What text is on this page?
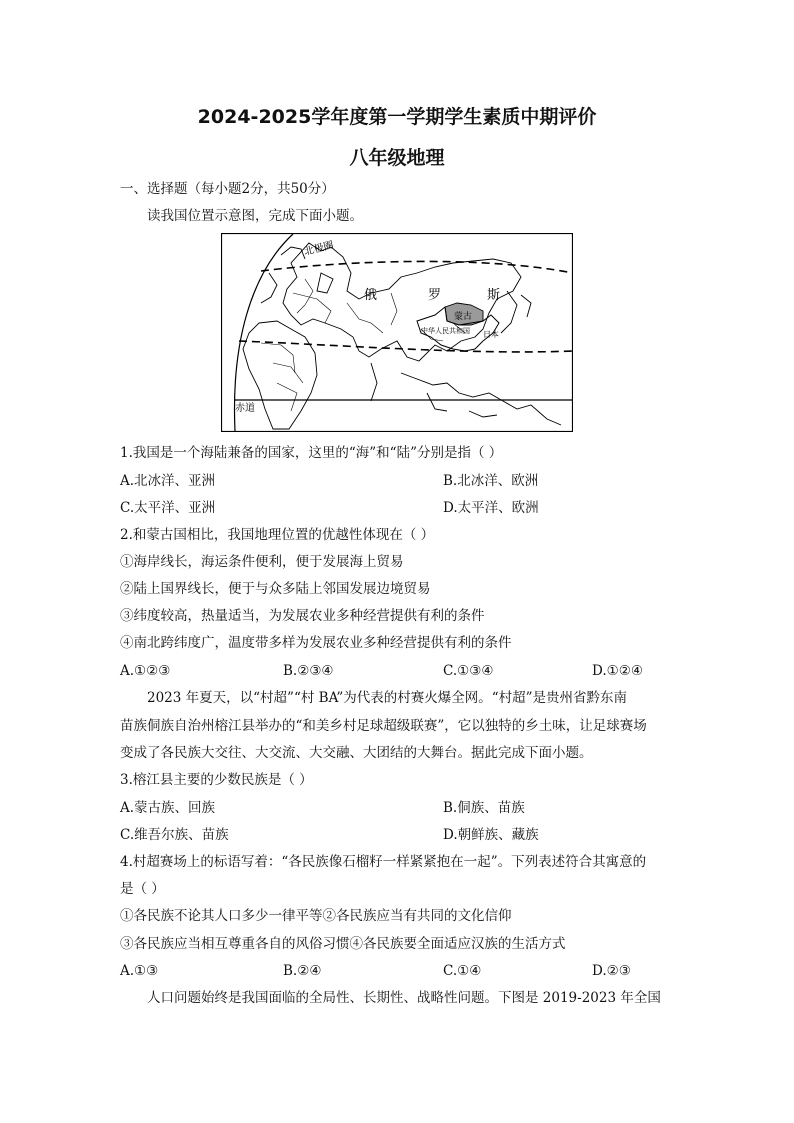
2024-2025学年度第一学期学生素质中期评价
八年级地理
一、选择题（每小题2分，共50分）
读我国位置示意图，完成下面小题。
北极圈
俄	罗	斯
蒙古
中华人民共和国 日本
赤道
1.我国是一个海陆兼备的国家，这里的“海”和“陆”分别是指（ ）
A.北冰洋、亚洲	B.北冰洋、欧洲
C.太平洋、亚洲	D.太平洋、欧洲
2.和蒙古国相比，我国地理位置的优越性体现在（ ）
①海岸线长，海运条件便利，便于发展海上贸易
②陆上国界线长，便于与众多陆上邻国发展边境贸易
③纬度较高，热量适当，为发展农业多种经营提供有利的条件
④南北跨纬度广，温度带多样为发展农业多种经营提供有利的条件
A.①②③	B.②③④	C.①③④	D.①②④
2023 年夏天，以“村超”“村 BA”为代表的村赛火爆全网。“村超”是贵州省黔东南
苗族侗族自治州榕江县举办的“和美乡村足球超级联赛”，它以独特的乡土味，让足球赛场
变成了各民族大交往、大交流、大交融、大团结的大舞台。据此完成下面小题。
3.榕江县主要的少数民族是（ ）
A.蒙古族、回族	B.侗族、苗族
C.维吾尔族、苗族	D.朝鲜族、藏族
4.村超赛场上的标语写着：“各民族像石榴籽一样紧紧抱在一起”。下列表述符合其寓意的
是（ ）
①各民族不论其人口多少一律平等②各民族应当有共同的文化信仰
③各民族应当相互尊重各自的风俗习惯④各民族要全面适应汉族的生活方式
A.①③	B.②④	C.①④	D.②③
人口问题始终是我国面临的全局性、长期性、战略性问题。下图是 2019-2023 年全国
